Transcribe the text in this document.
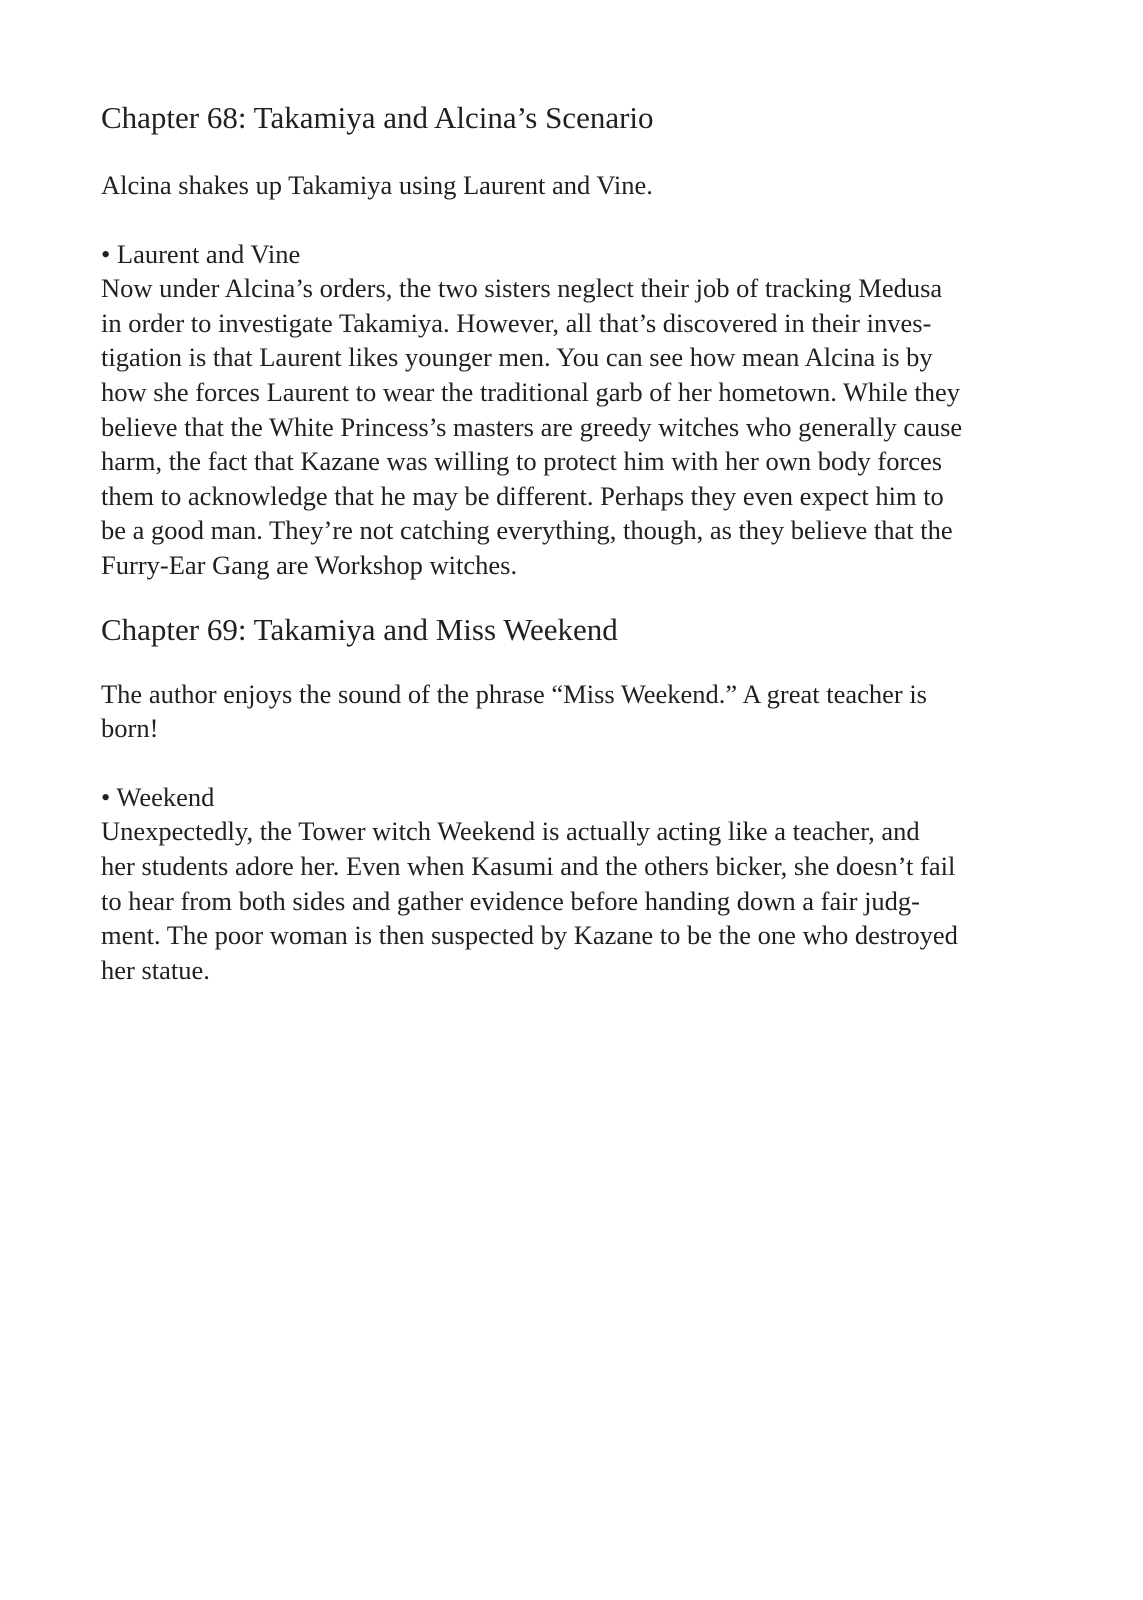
Chapter 68: Takamiya and Alcina’s Scenario

Alcina shakes up Takamiya using Laurent and Vine.

• Laurent and Vine
Now under Alcina’s orders, the two sisters neglect their job of tracking Medusa
in order to investigate Takamiya. However, all that’s discovered in their inves-
tigation is that Laurent likes younger men. You can see how mean Alcina is by
how she forces Laurent to wear the traditional garb of her hometown. While they
believe that the White Princess’s masters are greedy witches who generally cause
harm, the fact that Kazane was willing to protect him with her own body forces
them to acknowledge that he may be different. Perhaps they even expect him to
be a good man. They’re not catching everything, though, as they believe that the
Furry-Ear Gang are Workshop witches.
Chapter 69: Takamiya and Miss Weekend
The author enjoys the sound of the phrase “Miss Weekend.” A great teacher is
born!
• Weekend
Unexpectedly, the Tower witch Weekend is actually acting like a teacher, and
her students adore her. Even when Kasumi and the others bicker, she doesn’t fail
to hear from both sides and gather evidence before handing down a fair judg-
ment. The poor woman is then suspected by Kazane to be the one who destroyed
her statue.
